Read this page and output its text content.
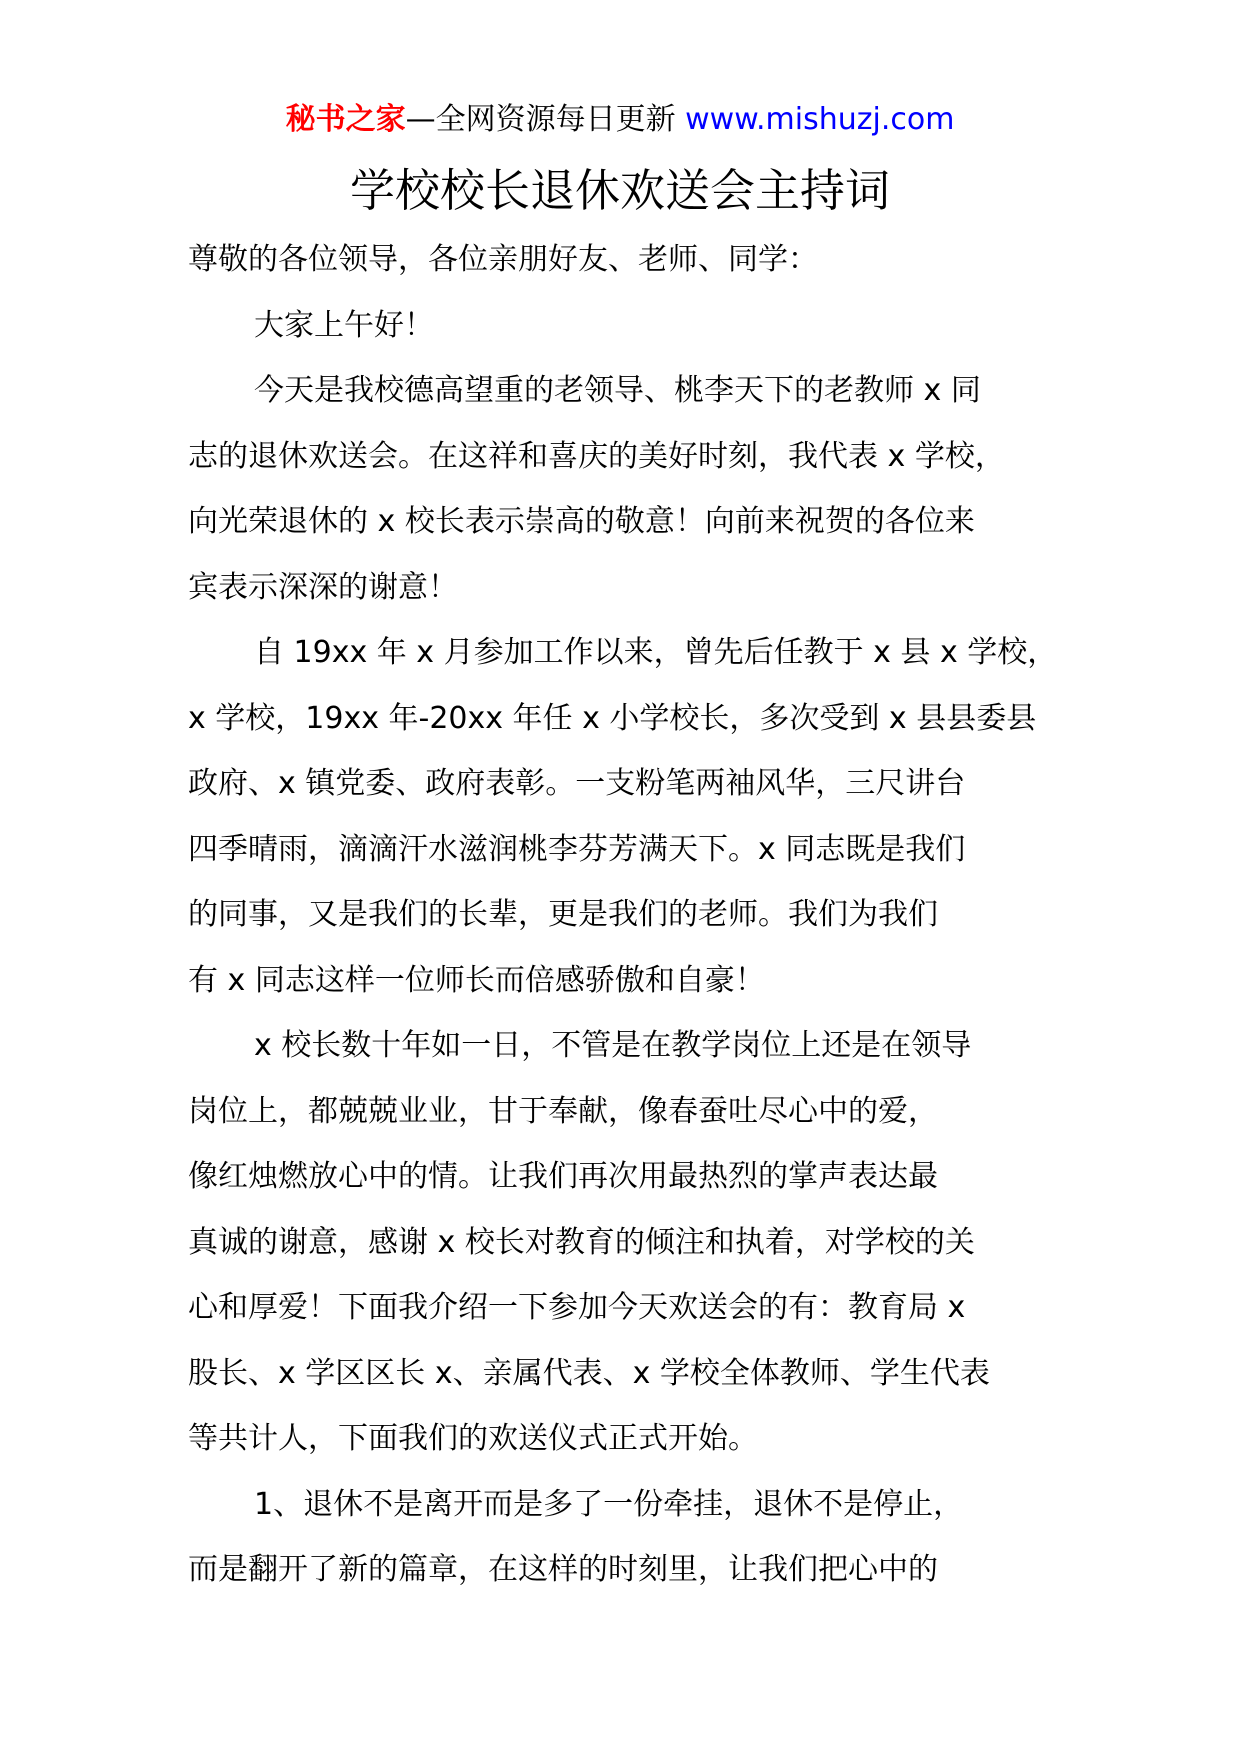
秘书之家—全网资源每日更新 www.mishuzj.com
学校校长退休欢送会主持词
尊敬的各位领导，各位亲朋好友、老师、同学：
大家上午好！
今天是我校德高望重的老领导、桃李天下的老教师 x 同
志的退休欢送会。在这祥和喜庆的美好时刻，我代表 x 学校，
向光荣退休的 x 校长表示崇高的敬意！向前来祝贺的各位来
宾表示深深的谢意！
自 19xx 年 x 月参加工作以来，曾先后任教于 x 县 x 学校，
x 学校，19xx 年-20xx 年任 x 小学校长，多次受到 x 县县委县
政府、x 镇党委、政府表彰。一支粉笔两袖风华，三尺讲台
四季晴雨，滴滴汗水滋润桃李芬芳满天下。x 同志既是我们
的同事，又是我们的长辈，更是我们的老师。我们为我们
有 x 同志这样一位师长而倍感骄傲和自豪！
x 校长数十年如一日，不管是在教学岗位上还是在领导
岗位上，都兢兢业业，甘于奉献，像春蚕吐尽心中的爱，
像红烛燃放心中的情。让我们再次用最热烈的掌声表达最
真诚的谢意，感谢 x 校长对教育的倾注和执着，对学校的关
心和厚爱！下面我介绍一下参加今天欢送会的有：教育局 x
股长、x 学区区长 x、亲属代表、x 学校全体教师、学生代表
等共计人，下面我们的欢送仪式正式开始。
1、退休不是离开而是多了一份牵挂，退休不是停止，
而是翻开了新的篇章，在这样的时刻里，让我们把心中的
